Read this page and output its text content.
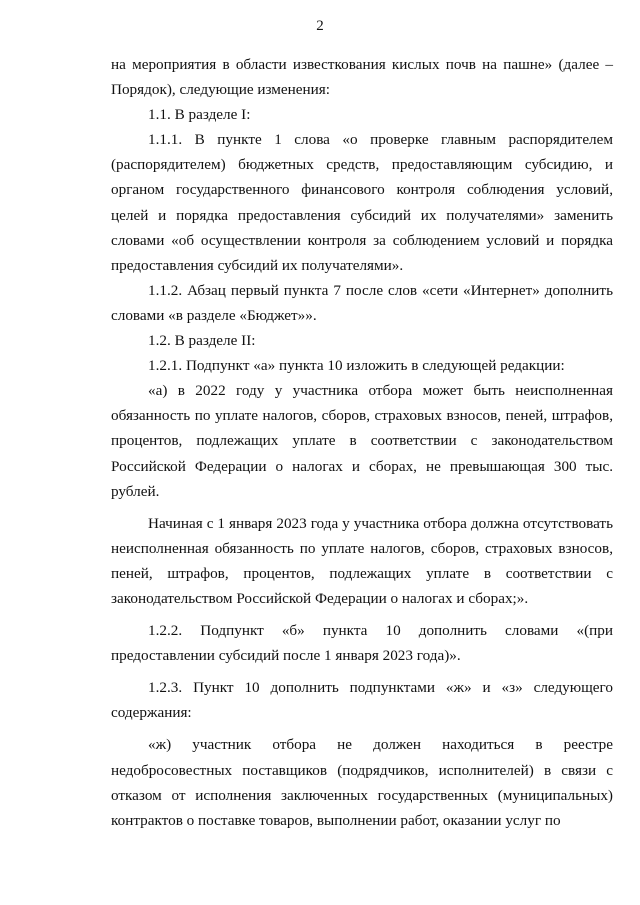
2

на мероприятия в области известкования кислых почв на пашне» (далее – Порядок), следующие изменения:

1.1. В разделе I:

1.1.1. В пункте 1 слова «о проверке главным распорядителем (распорядителем) бюджетных средств, предоставляющим субсидию, и органом государственного финансового контроля соблюдения условий, целей и порядка предоставления субсидий их получателями» заменить словами «об осуществлении контроля за соблюдением условий и порядка предоставления субсидий их получателями».

1.1.2. Абзац первый пункта 7 после слов «сети «Интернет» дополнить словами «в разделе «Бюджет»».

1.2. В разделе II:

1.2.1. Подпункт «а» пункта 10 изложить в следующей редакции:

«а) в 2022 году у участника отбора может быть неисполненная обязанность по уплате налогов, сборов, страховых взносов, пеней, штрафов, процентов, подлежащих уплате в соответствии с законодательством Российской Федерации о налогах и сборах, не превышающая 300 тыс. рублей.

Начиная с 1 января 2023 года у участника отбора должна отсутствовать неисполненная обязанность по уплате налогов, сборов, страховых взносов, пеней, штрафов, процентов, подлежащих уплате в соответствии с законодательством Российской Федерации о налогах и сборах;».

1.2.2. Подпункт «б» пункта 10 дополнить словами «(при предоставлении субсидий после 1 января 2023 года)».

1.2.3. Пункт 10 дополнить подпунктами «ж» и «з» следующего содержания:

«ж) участник отбора не должен находиться в реестре недобросовестных поставщиков (подрядчиков, исполнителей) в связи с отказом от исполнения заключенных государственных (муниципальных) контрактов о поставке товаров, выполнении работ, оказании услуг по
